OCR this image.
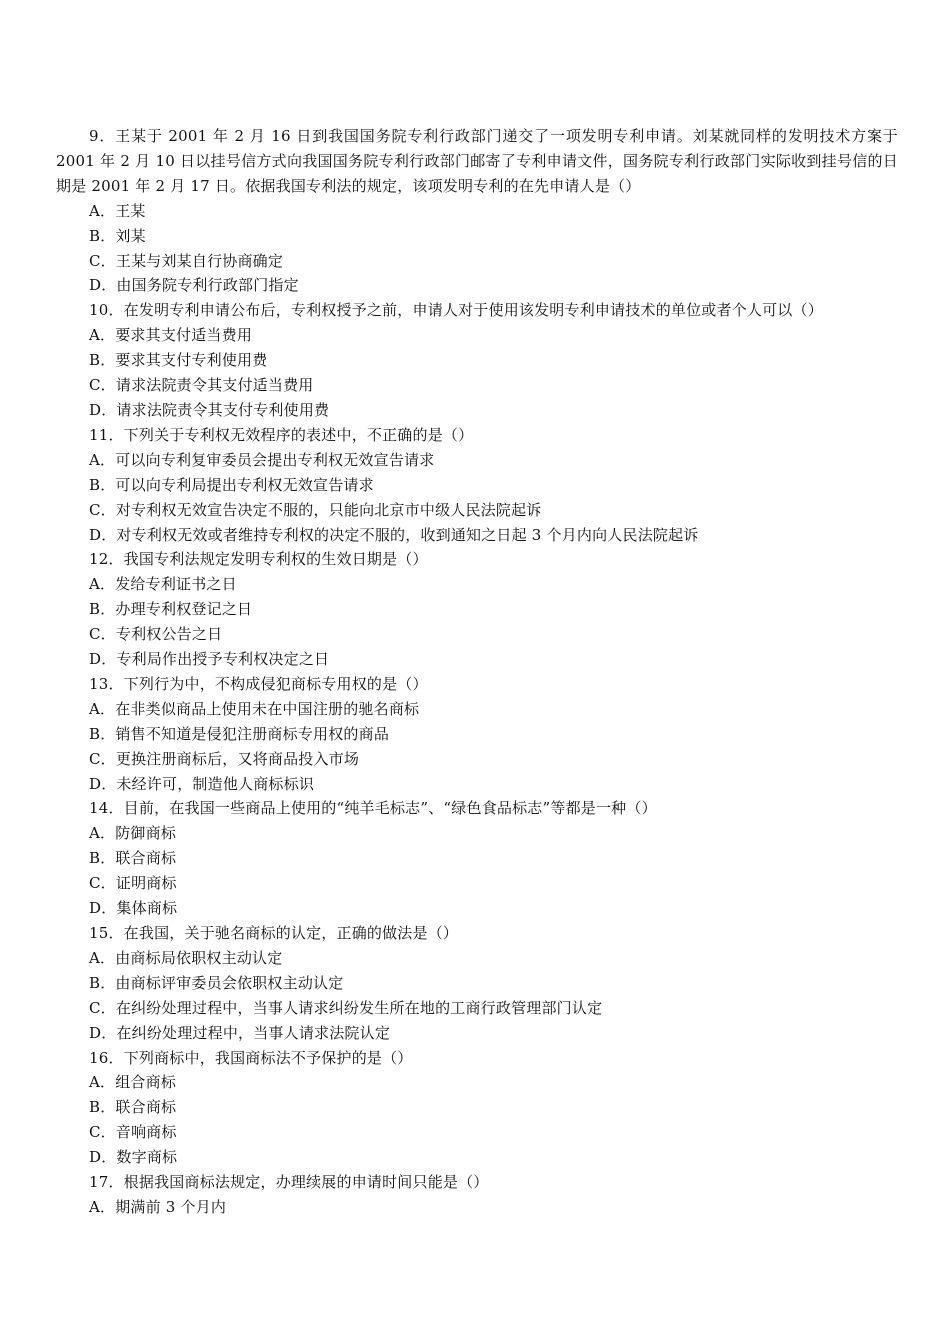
9．王某于 2001 年 2 月 16 日到我国国务院专利行政部门递交了一项发明专利申请。刘某就同样的发明技术方案于 2001 年 2 月 10 日以挂号信方式向我国国务院专利行政部门邮寄了专利申请文件，国务院专利行政部门实际收到挂号信的日期是 2001 年 2 月 17 日。依据我国专利法的规定，该项发明专利的在先申请人是（）
A．王某
B．刘某
C．王某与刘某自行协商确定
D．由国务院专利行政部门指定
10．在发明专利申请公布后，专利权授予之前，申请人对于使用该发明专利申请技术的单位或者个人可以（）
A．要求其支付适当费用
B．要求其支付专利使用费
C．请求法院责令其支付适当费用
D．请求法院责令其支付专利使用费
11．下列关于专利权无效程序的表述中，不正确的是（）
A．可以向专利复审委员会提出专利权无效宣告请求
B．可以向专利局提出专利权无效宣告请求
C．对专利权无效宣告决定不服的，只能向北京市中级人民法院起诉
D．对专利权无效或者维持专利权的决定不服的，收到通知之日起 3 个月内向人民法院起诉
12．我国专利法规定发明专利权的生效日期是（）
A．发给专利证书之日
B．办理专利权登记之日
C．专利权公告之日
D．专利局作出授予专利权决定之日
13．下列行为中，不构成侵犯商标专用权的是（）
A．在非类似商品上使用未在中国注册的驰名商标
B．销售不知道是侵犯注册商标专用权的商品
C．更换注册商标后，又将商品投入市场
D．未经许可，制造他人商标标识
14．目前，在我国一些商品上使用的“纯羊毛标志”、“绿色食品标志”等都是一种（）
A．防御商标
B．联合商标
C．证明商标
D．集体商标
15．在我国，关于驰名商标的认定，正确的做法是（）
A．由商标局依职权主动认定
B．由商标评审委员会依职权主动认定
C．在纠纷处理过程中，当事人请求纠纷发生所在地的工商行政管理部门认定
D．在纠纷处理过程中，当事人请求法院认定
16．下列商标中，我国商标法不予保护的是（）
A．组合商标
B．联合商标
C．音响商标
D．数字商标
17．根据我国商标法规定，办理续展的申请时间只能是（）
A．期满前 3 个月内
